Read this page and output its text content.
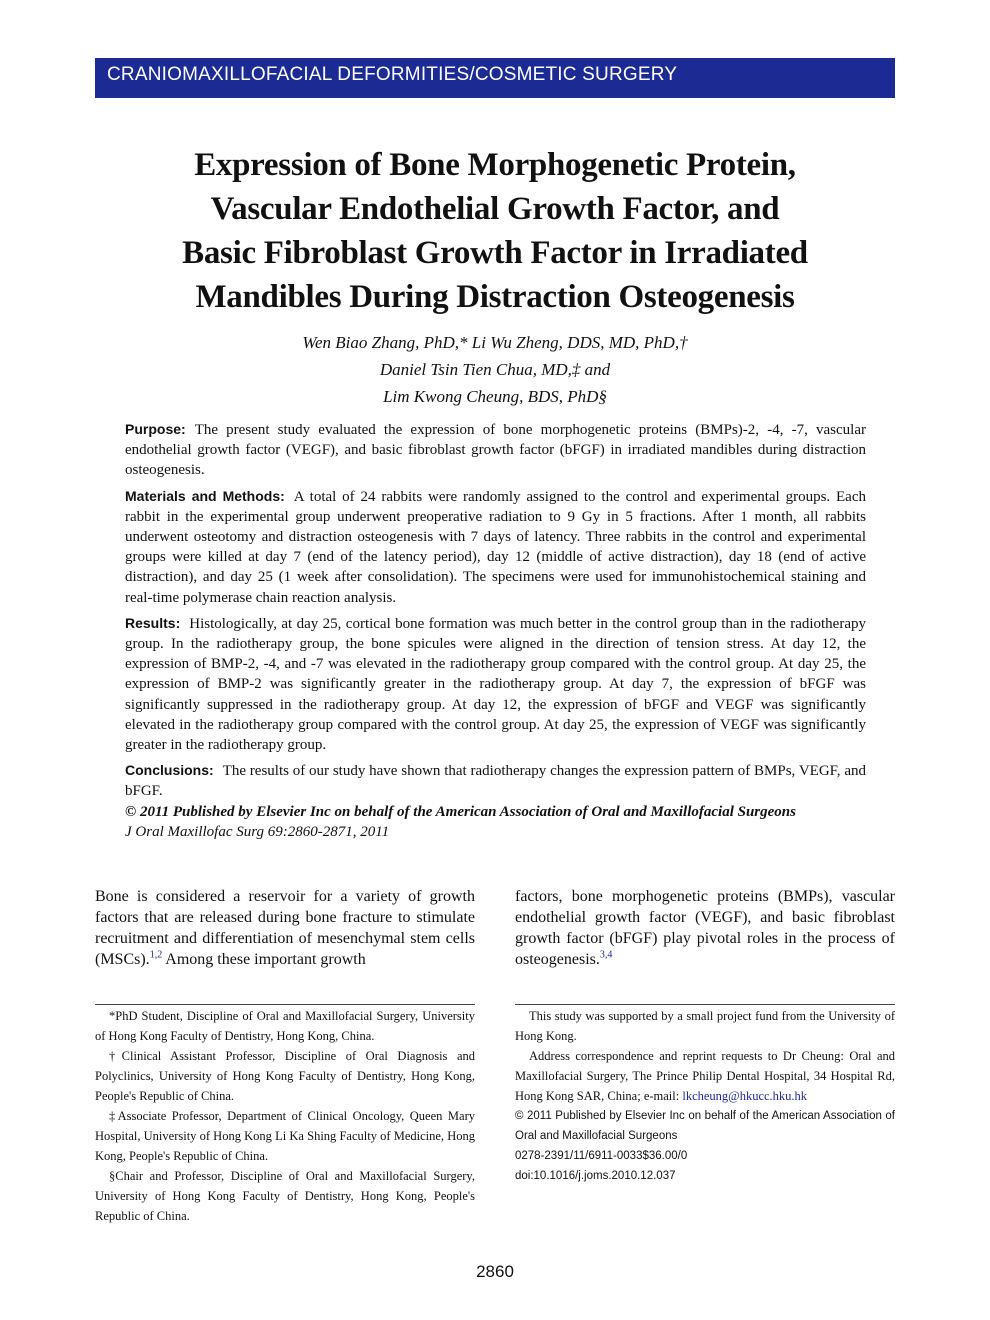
CRANIOMAXILLOFACIAL DEFORMITIES/COSMETIC SURGERY
Expression of Bone Morphogenetic Protein,
Vascular Endothelial Growth Factor, and
Basic Fibroblast Growth Factor in Irradiated
Mandibles During Distraction Osteogenesis
Wen Biao Zhang, PhD,* Li Wu Zheng, DDS, MD, PhD,†
Daniel Tsin Tien Chua, MD,‡ and
Lim Kwong Cheung, BDS, PhD§

Purpose: The present study evaluated the expression of bone morphogenetic proteins (BMPs)-2, -4, -7, vascular endothelial growth factor (VEGF), and basic fibroblast growth factor (bFGF) in irradiated mandibles during distraction osteogenesis.

Materials and Methods: A total of 24 rabbits were randomly assigned to the control and experimental groups. Each rabbit in the experimental group underwent preoperative radiation to 9 Gy in 5 fractions. After 1 month, all rabbits underwent osteotomy and distraction osteogenesis with 7 days of latency. Three rabbits in the control and experimental groups were killed at day 7 (end of the latency period), day 12 (middle of active distraction), day 18 (end of active distraction), and day 25 (1 week after consolidation). The specimens were used for immunohistochemical staining and real-time polymerase chain reaction analysis.

Results: Histologically, at day 25, cortical bone formation was much better in the control group than in the radiotherapy group. In the radiotherapy group, the bone spicules were aligned in the direction of tension stress. At day 12, the expression of BMP-2, -4, and -7 was elevated in the radiotherapy group compared with the control group. At day 25, the expression of BMP-2 was significantly greater in the radiotherapy group. At day 7, the expression of bFGF was significantly suppressed in the radiotherapy group. At day 12, the expression of bFGF and VEGF was significantly elevated in the radiotherapy group compared with the control group. At day 25, the expression of VEGF was significantly greater in the radiotherapy group.

Conclusions: The results of our study have shown that radiotherapy changes the expression pattern of BMPs, VEGF, and bFGF.

© 2011 Published by Elsevier Inc on behalf of the American Association of Oral and Maxillofacial Surgeons
J Oral Maxillofac Surg 69:2860-2871, 2011
Bone is considered a reservoir for a variety of growth factors that are released during bone fracture to stimulate recruitment and differentiation of mesenchymal stem cells (MSCs).$^{1,2}$ Among these important growth
factors, bone morphogenetic proteins (BMPs), vascular endothelial growth factor (VEGF), and basic fibroblast growth factor (bFGF) play pivotal roles in the process of osteogenesis.$^{3,4}$

*PhD Student, Discipline of Oral and Maxillofacial Surgery, University of Hong Kong Faculty of Dentistry, Hong Kong, China.

†Clinical Assistant Professor, Discipline of Oral Diagnosis and Polyclinics, University of Hong Kong Faculty of Dentistry, Hong Kong, People's Republic of China.

‡Associate Professor, Department of Clinical Oncology, Queen Mary Hospital, University of Hong Kong Li Ka Shing Faculty of Medicine, Hong Kong, People's Republic of China.

§Chair and Professor, Discipline of Oral and Maxillofacial Surgery, University of Hong Kong Faculty of Dentistry, Hong Kong, People's Republic of China.

This study was supported by a small project fund from the University of Hong Kong.

Address correspondence and reprint requests to Dr Cheung: Oral and Maxillofacial Surgery, The Prince Philip Dental Hospital, 34 Hospital Rd, Hong Kong SAR, China; e-mail: lkcheung@hkucc.hku.hk

© 2011 Published by Elsevier Inc on behalf of the American Association of Oral and Maxillofacial Surgeons

0278-2391/11/6911-0033$36.00/0

doi:10.1016/j.joms.2010.12.037

2860
